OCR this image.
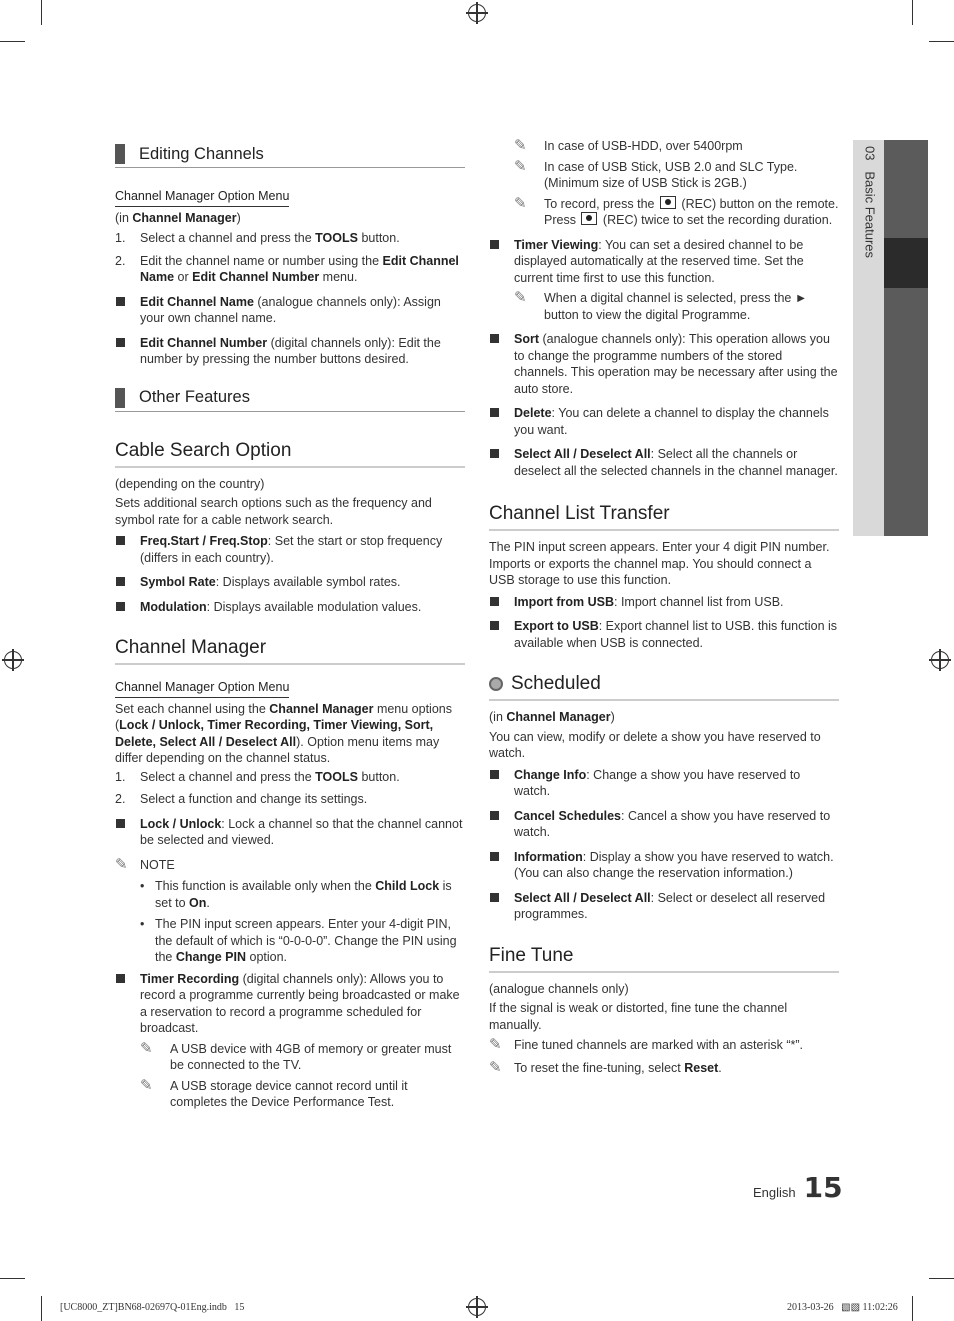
03   Basic Features
Editing Channels
Channel Manager Option Menu

(in Channel Manager)

1.	Select a channel and press the TOOLS button.
2.	Edit the channel name or number using the Edit Channel Name or Edit Channel Number menu.
Edit Channel Name (analogue channels only): Assign your own channel name.
Edit Channel Number (digital channels only): Edit the number by pressing the number buttons desired.
Other Features
Cable Search Option

(depending on the country)

Sets additional search options such as the frequency and symbol rate for a cable network search.

Freq.Start / Freq.Stop: Set the start or stop frequency (differs in each country).
Symbol Rate: Displays available symbol rates.
Modulation: Displays available modulation values.
Channel Manager
Channel Manager Option Menu

Set each channel using the Channel Manager menu options (Lock / Unlock, Timer Recording, Timer Viewing, Sort, Delete, Select All / Deselect All). Option menu items may differ depending on the channel status.

1.	Select a channel and press the TOOLS button.
2.	Select a function and change its settings.
Lock / Unlock: Lock a channel so that the channel cannot be selected and viewed.
✎ NOTE
• This function is available only when the Child Lock is set to On.
• The PIN input screen appears. Enter your 4-digit PIN, the default of which is “0-0-0-0”. Change the PIN using the Change PIN option.
Timer Recording (digital channels only): Allows you to record a programme currently being broadcasted or make a reservation to record a programme scheduled for broadcast.
✎	A USB device with 4GB of memory or greater must be connected to the TV.
✎	A USB storage device cannot record until it completes the Device Performance Test.
✎	In case of USB-HDD, over 5400rpm
✎	In case of USB Stick, USB 2.0 and SLC Type. (Minimum size of USB Stick is 2GB.)
✎	To record, press the  (REC) button on the remote. Press  (REC) twice to set the recording duration.
Timer Viewing: You can set a desired channel to be displayed automatically at the reserved time. Set the current time first to use this function.
✎	When a digital channel is selected, press the ► button to view the digital Programme.
Sort (analogue channels only): This operation allows you to change the programme numbers of the stored channels. This operation may be necessary after using the auto store.
Delete: You can delete a channel to display the channels you want.
Select All / Deselect All: Select all the channels or deselect all the selected channels in the channel manager.
Channel List Transfer

The PIN input screen appears. Enter your 4 digit PIN number. Imports or exports the channel map. You should connect a USB storage to use this function.

Import from USB: Import channel list from USB.
Export to USB: Export channel list to USB. this function is available when USB is connected.
Scheduled

(in Channel Manager)

You can view, modify or delete a show you have reserved to watch.

Change Info: Change a show you have reserved to watch.
Cancel Schedules: Cancel a show you have reserved to watch.
Information: Display a show you have reserved to watch. (You can also change the reservation information.)
Select All / Deselect All: Select or deselect all reserved programmes.
Fine Tune

(analogue channels only)

If the signal is weak or distorted, fine tune the channel manually.

✎ Fine tuned channels are marked with an asterisk “*”.
✎ To reset the fine-tuning, select Reset.
English 15
[UC8000_ZT]BN68-02697Q-01Eng.indb   15	2013-03-26   ▧▧ 11:02:26
